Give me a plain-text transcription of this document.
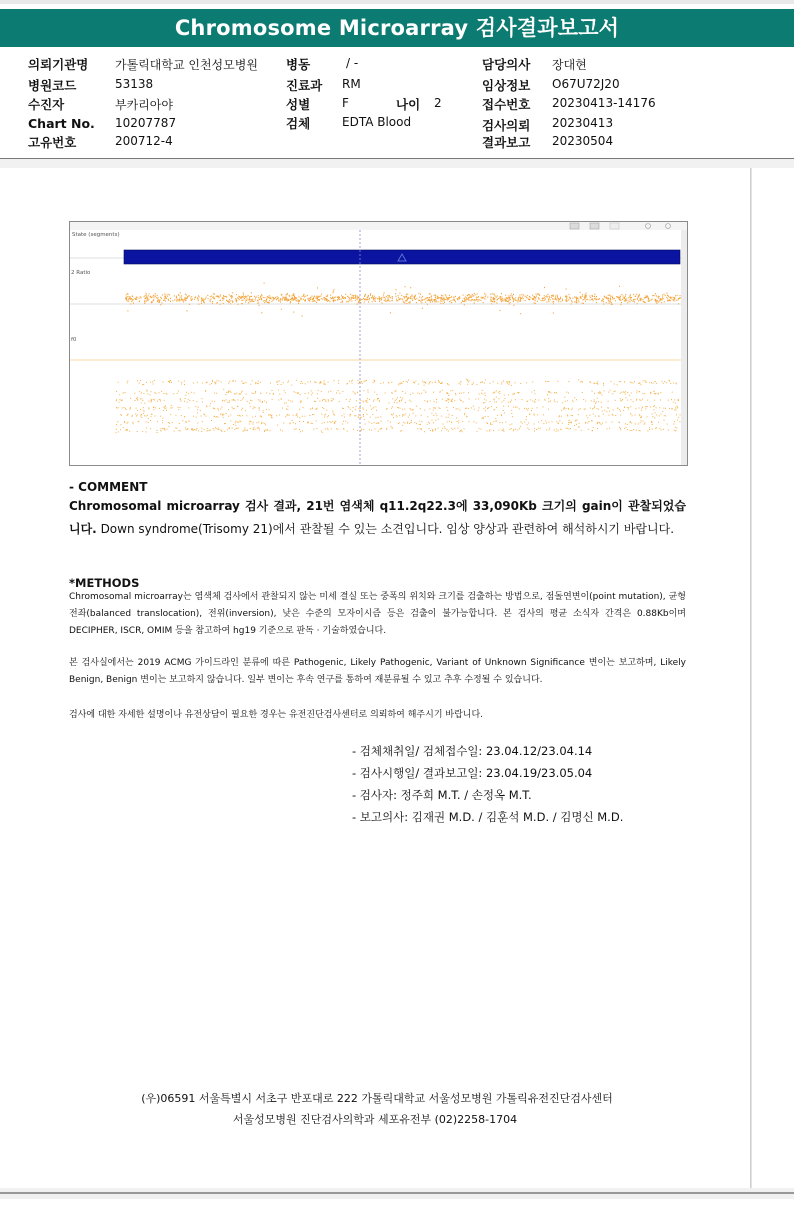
Chromosome Microarray 검사결과보고서
의뢰기관명 가톨릭대학교 인천성모병원
병원코드	53138
수진자	부카리아야
Chart No. 10207787
고유번호	200712-4
병동	/ -
진료과 RM
성별	F	나이 2
검체	EDTA Blood
담당의사 장대현
임상정보 O67U72J20
접수번호 20230413-14176
검사의뢰 20230413
결과보고 20230504
State (segments)
2 Ratio
f0
- COMMENT
Chromosomal microarray 검사 결과, 21번 염색체 q11.2q22.3에 33,090Kb 크기의 gain이 관찰되었습니다. Down syndrome(Trisomy 21)에서 관찰될 수 있는 소견입니다. 임상 양상과 관련하여 해석하시기 바랍니다.
*METHODS
Chromosomal microarray는 염색체 검사에서 관찰되지 않는 미세 결실 또는 중폭의 위치와 크기를 검출하는 방법으로, 점돌연변이(point mutation), 균형전좌(balanced translocation), 전위(inversion), 낮은 수준의 모자이시즘 등은 검출이 불가능합니다. 본 검사의 평균 소식자 간격은 0.88Kb이며 DECIPHER, ISCR, OMIM 등을 참고하여 hg19 기준으로 판독 · 기술하였습니다.
본 검사실에서는 2019 ACMG 가이드라인 분류에 따른 Pathogenic, Likely Pathogenic, Variant of Unknown Significance 변이는 보고하며, Likely Benign, Benign 변이는 보고하지 않습니다. 일부 변이는 후속 연구를 통하여 재분류될 수 있고 추후 수정될 수 있습니다.
검사에 대한 자세한 설명이나 유전상담이 필요한 경우는 유전진단검사센터로 의뢰하여 해주시기 바랍니다.
- 검체채취일/ 검체접수일: 23.04.12/23.04.14
- 검사시행일/ 결과보고일: 23.04.19/23.05.04
- 검사자: 정주희 M.T. / 손정옥 M.T.
- 보고의사: 김재권 M.D. / 김훈석 M.D. / 김명신 M.D.
(우)06591 서울특별시 서초구 반포대로 222 가톨릭대학교 서울성모병원 가톨릭유전진단검사센터
서울성모병원 진단검사의학과 세포유전부 (02)2258-1704
